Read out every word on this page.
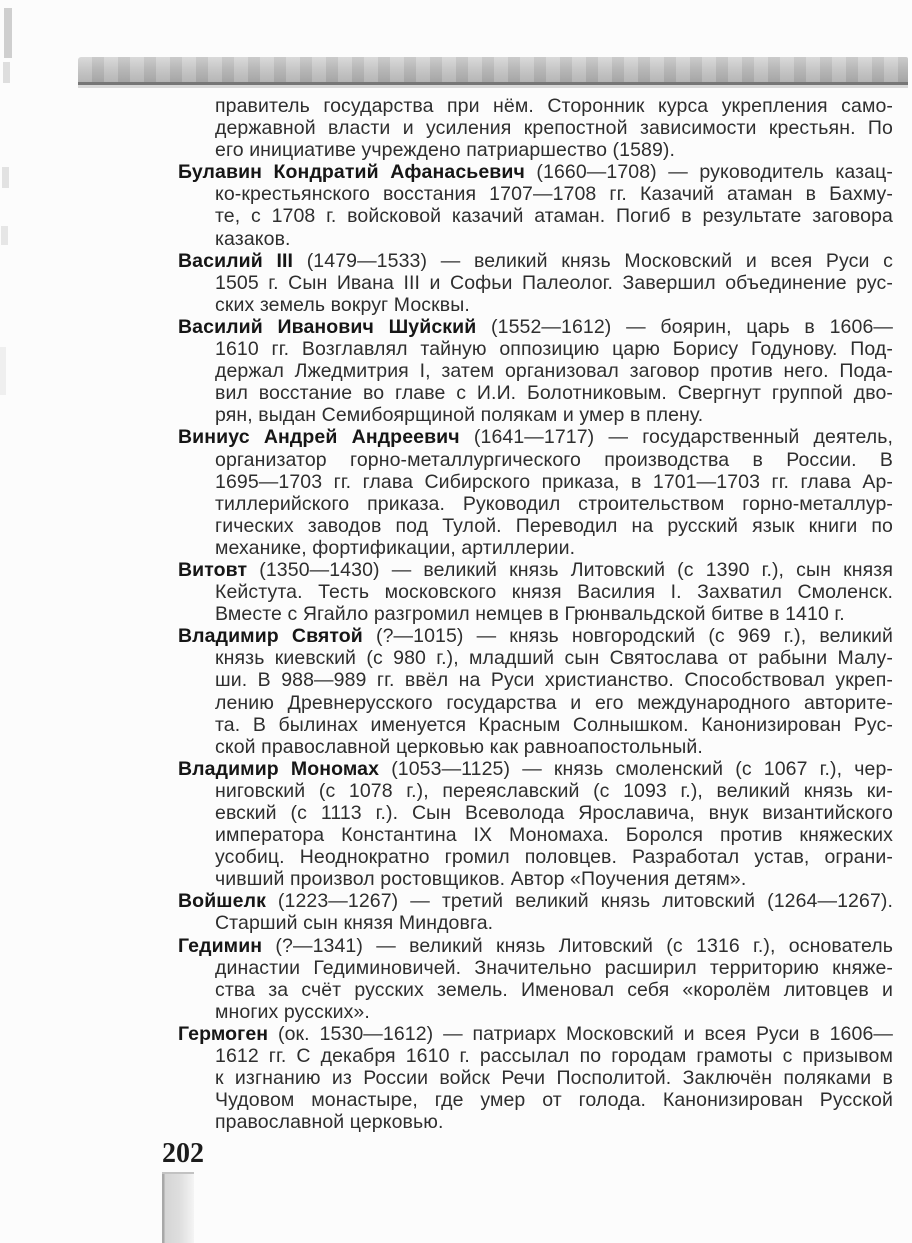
правитель государства при нём. Сторонник курса укрепления само-
державной власти и усиления крепостной зависимости крестьян. По
его инициативе учреждено патриаршество (1589).
Булавин Кондратий Афанасьевич (1660—1708) — руководитель казац-
ко-крестьянского восстания 1707—1708 гг. Казачий атаман в Бахму-
те, с 1708 г. войсковой казачий атаман. Погиб в результате заговора
казаков.
Василий III (1479—1533) — великий князь Московский и всея Руси с
1505 г. Сын Ивана III и Софьи Палеолог. Завершил объединение рус-
ских земель вокруг Москвы.
Василий Иванович Шуйский (1552—1612) — боярин, царь в 1606—
1610 гг. Возглавлял тайную оппозицию царю Борису Годунову. Под-
держал Лжедмитрия I, затем организовал заговор против него. Пода-
вил восстание во главе с И.И. Болотниковым. Свергнут группой дво-
рян, выдан Семибоярщиной полякам и умер в плену.
Виниус Андрей Андреевич (1641—1717) — государственный деятель,
организатор горно-металлургического производства в России. В
1695—1703 гг. глава Сибирского приказа, в 1701—1703 гг. глава Ар-
тиллерийского приказа. Руководил строительством горно-металлур-
гических заводов под Тулой. Переводил на русский язык книги по
механике, фортификации, артиллерии.
Витовт (1350—1430) — великий князь Литовский (с 1390 г.), сын князя
Кейстута. Тесть московского князя Василия I. Захватил Смоленск.
Вместе с Ягайло разгромил немцев в Грюнвальдской битве в 1410 г.
Владимир Святой (?—1015) — князь новгородский (с 969 г.), великий
князь киевский (с 980 г.), младший сын Святослава от рабыни Малу-
ши. В 988—989 гг. ввёл на Руси христианство. Способствовал укреп-
лению Древнерусского государства и его международного авторите-
та. В былинах именуется Красным Солнышком. Канонизирован Рус-
ской православной церковью как равноапостольный.
Владимир Мономах (1053—1125) — князь смоленский (с 1067 г.), чер-
ниговский (с 1078 г.), переяславский (с 1093 г.), великий князь ки-
евский (с 1113 г.). Сын Всеволода Ярославича, внук византийского
императора Константина IX Мономаха. Боролся против княжеских
усобиц. Неоднократно громил половцев. Разработал устав, ограни-
чивший произвол ростовщиков. Автор «Поучения детям».
Войшелк (1223—1267) — третий великий князь литовский (1264—1267).
Старший сын князя Миндовга.
Гедимин (?—1341) — великий князь Литовский (с 1316 г.), основатель
династии Гедиминовичей. Значительно расширил территорию княже-
ства за счёт русских земель. Именовал себя «королём литовцев и
многих русских».
Гермоген (ок. 1530—1612) — патриарх Московский и всея Руси в 1606—
1612 гг. С декабря 1610 г. рассылал по городам грамоты с призывом
к изгнанию из России войск Речи Посполитой. Заключён поляками в
Чудовом монастыре, где умер от голода. Канонизирован Русской
православной церковью.
202
